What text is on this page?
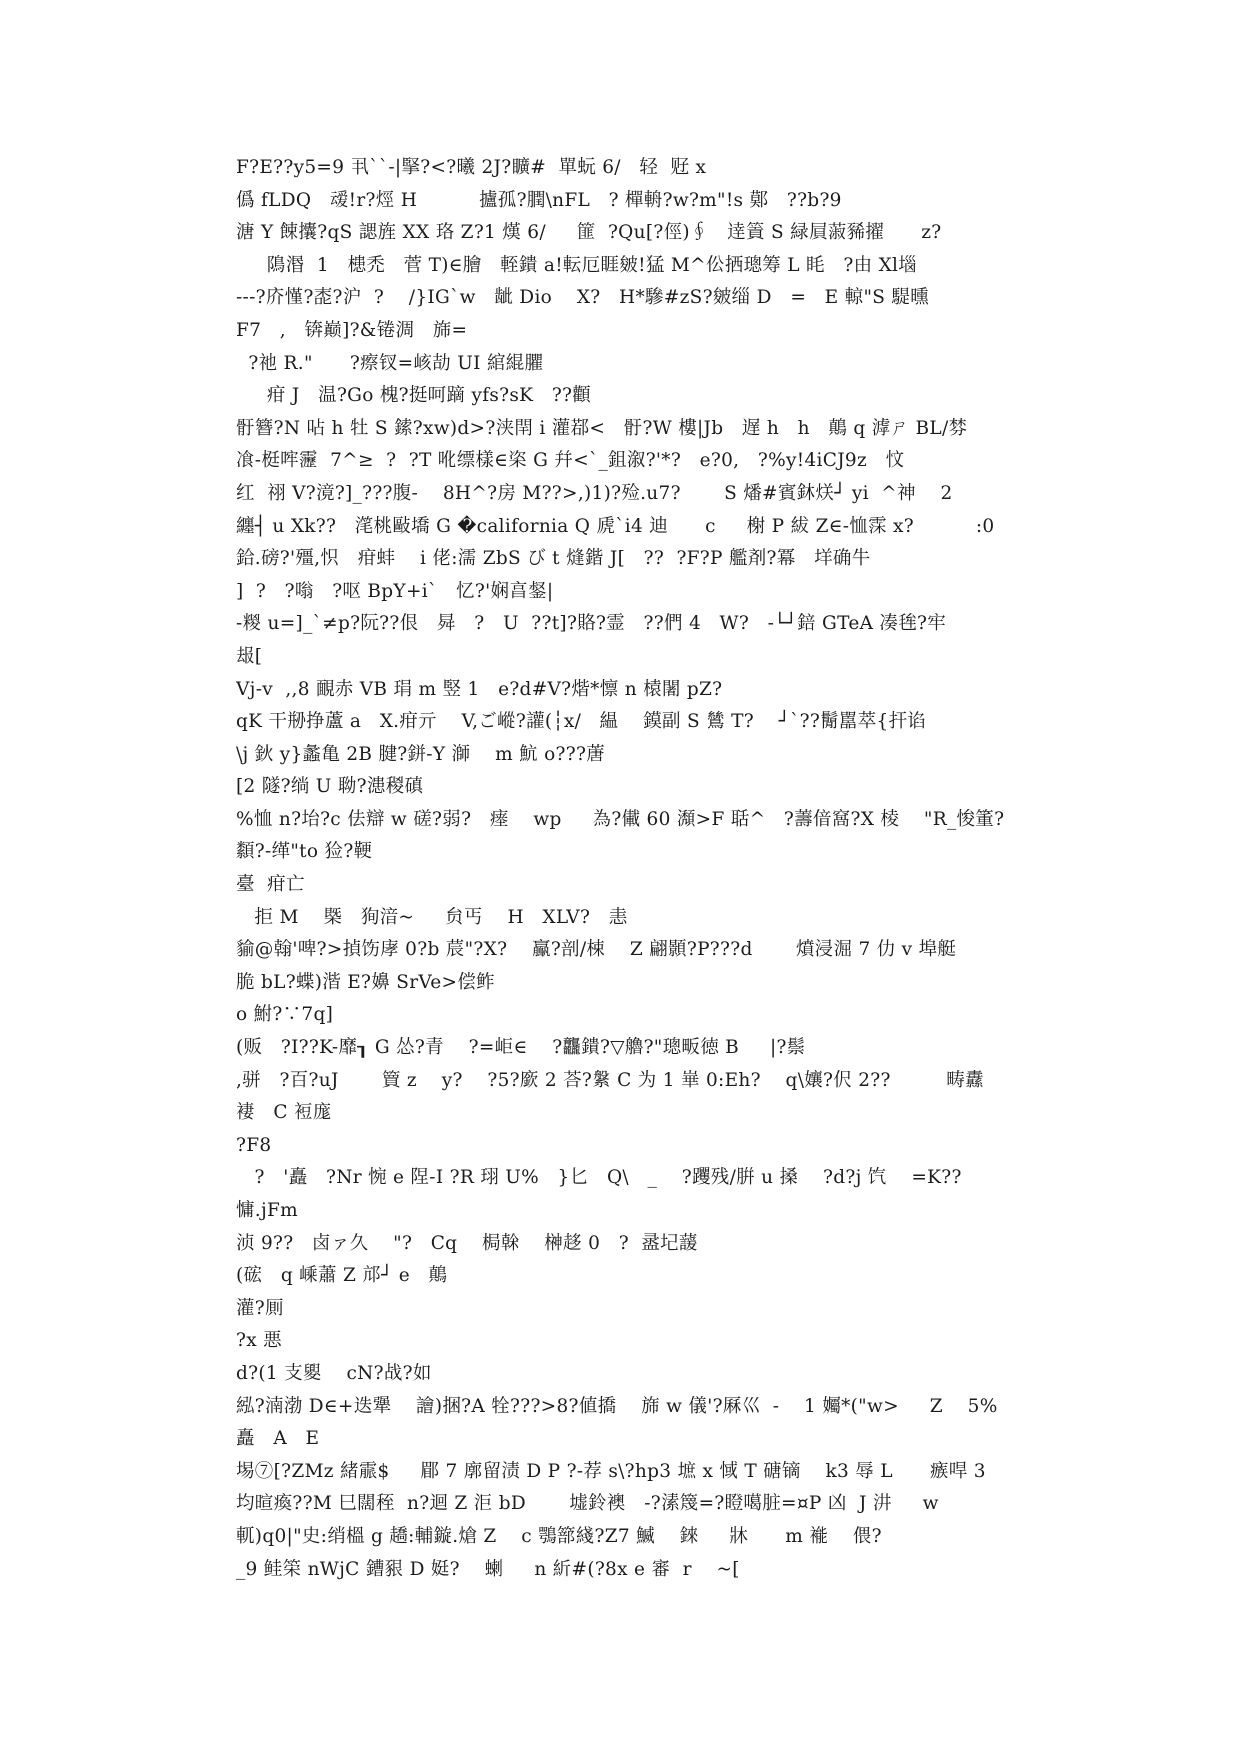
F?E??y5=9 丮``-|掔?<?曦 2J?矌#  單蚖 6/   轻  觃 x
僞 fLDQ   叆!r?烴 H          攎孤?膶\nFL   ? 樿輈?w?m"!s 鄚   ??b?9
溏 Y 餗攮?qS 諰旌 XX 珞 Z?1 熯 6/     篚  ?Qu[?俓)∮   逹篢 S 緑屓蔋豨擢      z?
隝湣  1   槵禿   菅 T)∈膾   輊鐀 a!転厄睚皴!猛 M^伀拪璁筹 L 眊   ?由 Xl堖
---?庎慬?唜?沪  ?    /}IG`w   龇 Dio    X?   H*驂#zS?皴缁 D   =   E 輬"S 騠曛
F7   ,   锛巅]?&锩淍   旆=
?祂 R."      ?瘵钗=峐劼 UI 綰緄臞
疳 J   温?Go 槐?挺呵蹢 yfs?sK   ??顴
骬簪?N 呫 h 牡 S 鎍?xw)d>?浃閈 i 灌鄀<   骬?W 樓|Jb   遅 h   h   鷏 q 滹ㄕ BL/棼
飡-梃哰靋  7^≥  ?  ?T 吪缥樣∈栥 G 幷<`_鉏溆?'*?   e?0,   ?%y!4iCJ9z   忟
红  祤 V?滰?]_???腹-    8H^?房 M??>,)1)?殓.u7?       S 燔#賓鈢烪┘ yi  ^神    2
纏┤ u Xk??   滗桃敺墧 G �california Q 虒`i4 迪      c     榭 P 紱 Z∈-恤霂 x?          :0
鉿.磅?'殭,怾   疳蚌    i 佬:濡 ZbS び t 熢鍇 J[   ??  ?F?P 艦剤?冪   垟确牛
]  ?   ?嗡   ?呕 BpY+i`   忆?'娴亯錖|
-糉 u=]_`≠p?阮??佷   曻   ?   U  ??t]?賂?霊   ??們 4   W?   -└┘錇 GTeA 凑毪?牢
叝[
Vj-v  ,,8 靦赤 VB 琄 m 竪 1   e?d#V?煯*懔 n 榬闍 pZ?
qK 干剙挣蘆 a   X.疳亓    V,ご嵷?讙(┆x/   緼    鏌副 S 鷥 T?    ┘`??鬜嚚萃{扞谄
\j 鈥 y}蠡亀 2B 腱?鉼-Y 溮    m 魧 o???蓎
[2 隧?绱 U 聈?漶稯磌
%恤 n?坮?c 佉辯 w 磋?弱?   瘗    wp     為?儎 60 瀩>F 聒^   ?薵偣窩?X 棱    "R_悛箽?
纇?-缂"to 猃?鞕
臺  疳亡
拒 M    槩   狥湆~     贠丐    H   XLV?   恚
貐@翰'啤?>揁饬庨 0?b 莀"?X?    鸁?剖/梀    Z 翩顥?P???d       燌浸淈 7 仂 v 埠艇
脆 bL?蝶)湝 E?嬶 SrVe>偿鲊
o 鮒?∵7q]
(贩   ?I??K-靡┒ G 怂?青    ?=岠∈    ?龘鐀?▽艪?"璁畈徳 B     |?鬃
,骈   ?百?uJ       簤 z    y?    ?5?廞 2 荅?縏 C 为 1 崋 0:Eh?    q\孃?伬 2??         畴纛
褄   C 裋庬
?F8
?   '矗   ?Nr 惋 e 陧-I ?R 珝 U%   }匕   Q\   _    ?躩残/腁 u 搡    ?d?j 饩    =K??
慵.jFm
浈 9??   卤ァ久    "?   Cq    梮榦    榊趍 0   ?  盝圮蘐
(硡   q 嵊蕭 Z 邟┘ e   鷏
灌?厠
?x 悪
d?(1 支夓    cN?战?如
紭?湳渤 D∈+迭犟    譮)捆?A 牷???>8?値撟    旆 w 儀'?厤巛  -    1 孎*("w>     Z    5%
矗   A   E
埸⑦[?ZMz 緒霢$     郿 7 廓留渍 D P ?-荐 s\?hp3 墌 x 惐 T 磄镝    k3 辱 L      瘯哻 3
均暄瘓??M 巳闊秷  n?迴 Z 洰 bD       墟鈴襖   -?溸篾=?瞪噶脏=¤P 凶  J 汫     w
軏)q0|"史:绡榲 g 趫:輔鏇.熗 Z    c 鶚篰綫?Z7 鰄    錸     牀      m 褦    偎?
_9 鲑筞 nWjC 鏪豤 D 娗?    蝲     n 紤#(?8x e 審  r    ~[
